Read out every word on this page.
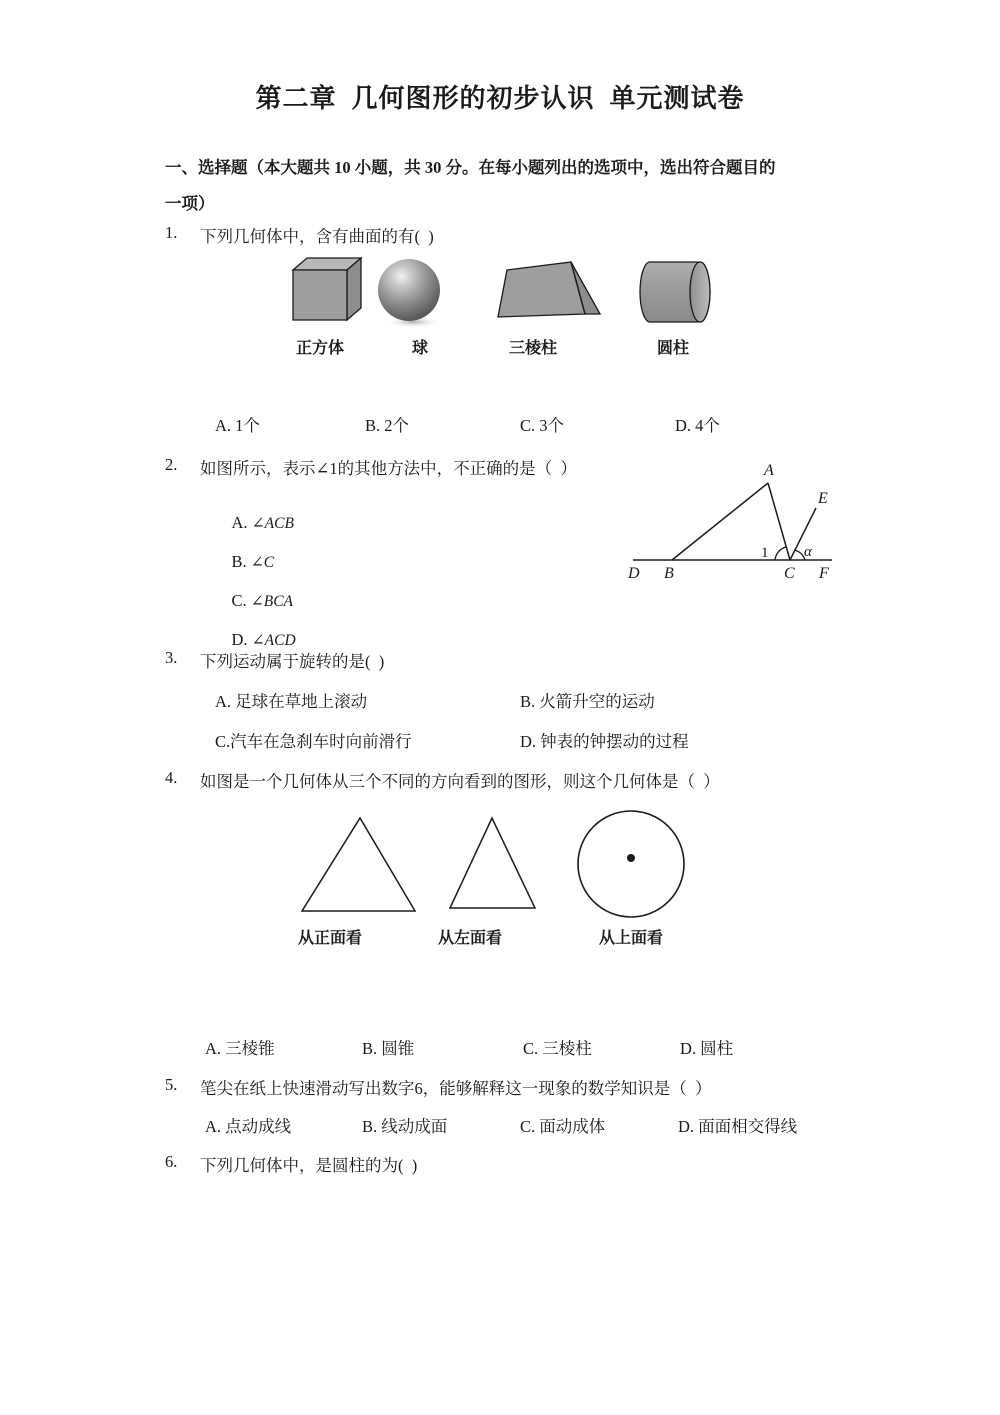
第二章  几何图形的初步认识  单元测试卷
一、选择题（本大题共 10 小题，共 30 分。在每小题列出的选项中，选出符合题目的
一项）
1. 下列几何体中，含有曲面的有(  )
正方体	球	三棱柱	圆柱
A. 1个	B. 2个	C. 3个	D. 4个
2. 如图所示，表示∠1的其他方法中，不正确的是（  ）

A. ∠ACB

B. ∠C

C. ∠BCA

D. ∠ACD

A
E
D B	C F
1 α
3. 下列运动属于旋转的是(  )
A. 足球在草地上滚动	B. 火箭升空的运动
C.汽车在急刹车时向前滑行	D. 钟表的钟摆动的过程
4. 如图是一个几何体从三个不同的方向看到的图形，则这个几何体是（  ）
从正面看	从左面看	从上面看
A. 三棱锥	B. 圆锥	C. 三棱柱	D. 圆柱
5. 笔尖在纸上快速滑动写出数字6，能够解释这一现象的数学知识是（  ）
A. 点动成线	B. 线动成面	C. 面动成体	D. 面面相交得线
6. 下列几何体中，是圆柱的为(  )
